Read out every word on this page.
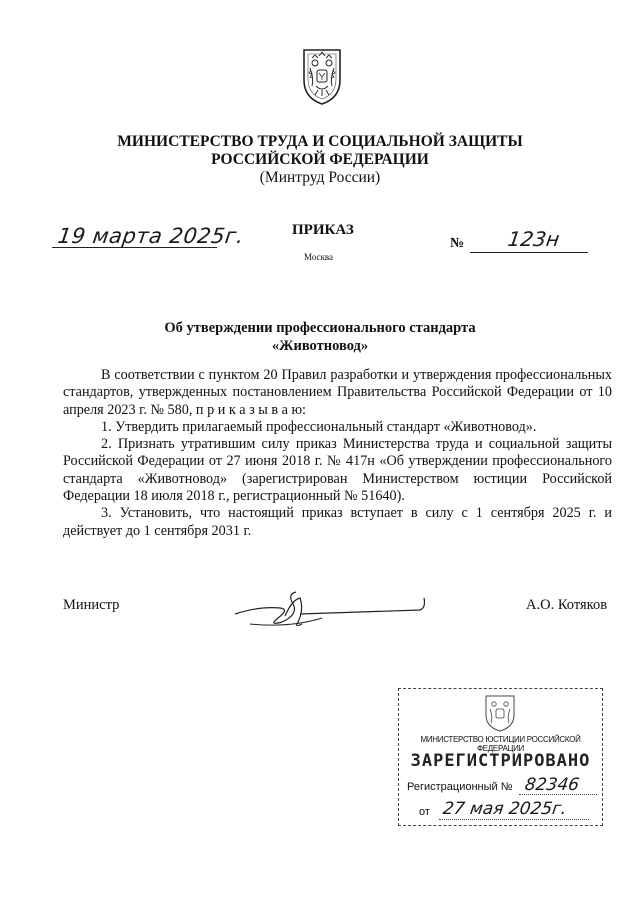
МИНИСТЕРСТВО ТРУДА И СОЦИАЛЬНОЙ ЗАЩИТЫ
РОССИЙСКОЙ ФЕДЕРАЦИИ
(Минтруд России)
19 марта 2025г.	ПРИКАЗ
Москва
№ 123н
Об утверждении профессионального стандарта
«Животновод»

В соответствии с пунктом 20 Правил разработки и утверждения профессиональных стандартов, утвержденных постановлением Правительства Российской Федерации от 10 апреля 2023 г. № 580, п р и к а з ы в а ю:

1. Утвердить прилагаемый профессиональный стандарт «Животновод».

2. Признать утратившим силу приказ Министерства труда и социальной защиты Российской Федерации от 27 июня 2018 г. № 417н «Об утверждении профессионального стандарта «Животновод» (зарегистрирован Министерством юстиции Российской Федерации 18 июля 2018 г., регистрационный № 51640).

3. Установить, что настоящий приказ вступает в силу с 1 сентября 2025 г. и действует до 1 сентября 2031 г.

Министр	А.О. Котяков
МИНИСТЕРСТВО ЮСТИЦИИ РОССИЙСКОЙ ФЕДЕРАЦИИ
ЗАРЕГИСТРИРОВАНО
Регистрационный № 82346
от 27 мая 2025г.
